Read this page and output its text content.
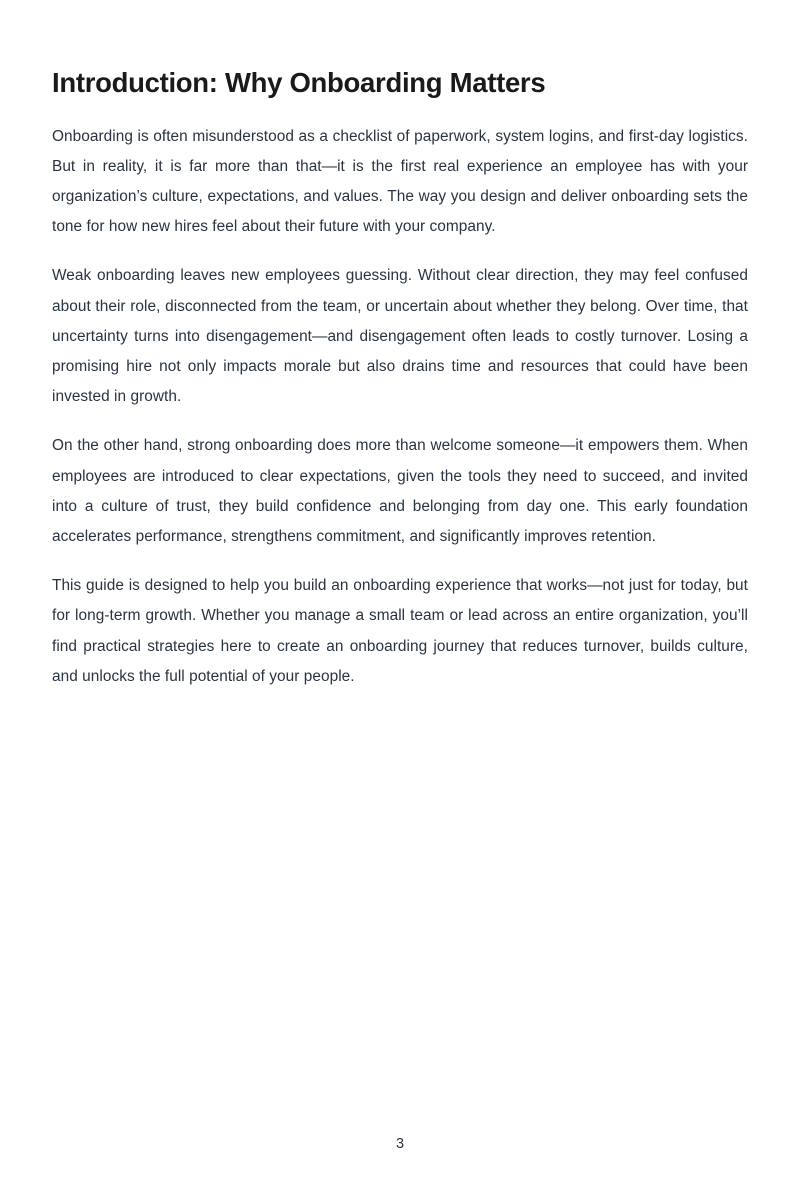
Introduction: Why Onboarding Matters

Onboarding is often misunderstood as a checklist of paperwork, system logins, and first-day logistics. But in reality, it is far more than that—it is the first real experience an employee has with your organization’s culture, expectations, and values. The way you design and deliver onboarding sets the tone for how new hires feel about their future with your company.

Weak onboarding leaves new employees guessing. Without clear direction, they may feel confused about their role, disconnected from the team, or uncertain about whether they belong. Over time, that uncertainty turns into disengagement—and disengagement often leads to costly turnover. Losing a promising hire not only impacts morale but also drains time and resources that could have been invested in growth.

On the other hand, strong onboarding does more than welcome someone—it empowers them. When employees are introduced to clear expectations, given the tools they need to succeed, and invited into a culture of trust, they build confidence and belonging from day one. This early foundation accelerates performance, strengthens commitment, and significantly improves retention.

This guide is designed to help you build an onboarding experience that works—not just for today, but for long-term growth. Whether you manage a small team or lead across an entire organization, you’ll find practical strategies here to create an onboarding journey that reduces turnover, builds culture, and unlocks the full potential of your people.

3
